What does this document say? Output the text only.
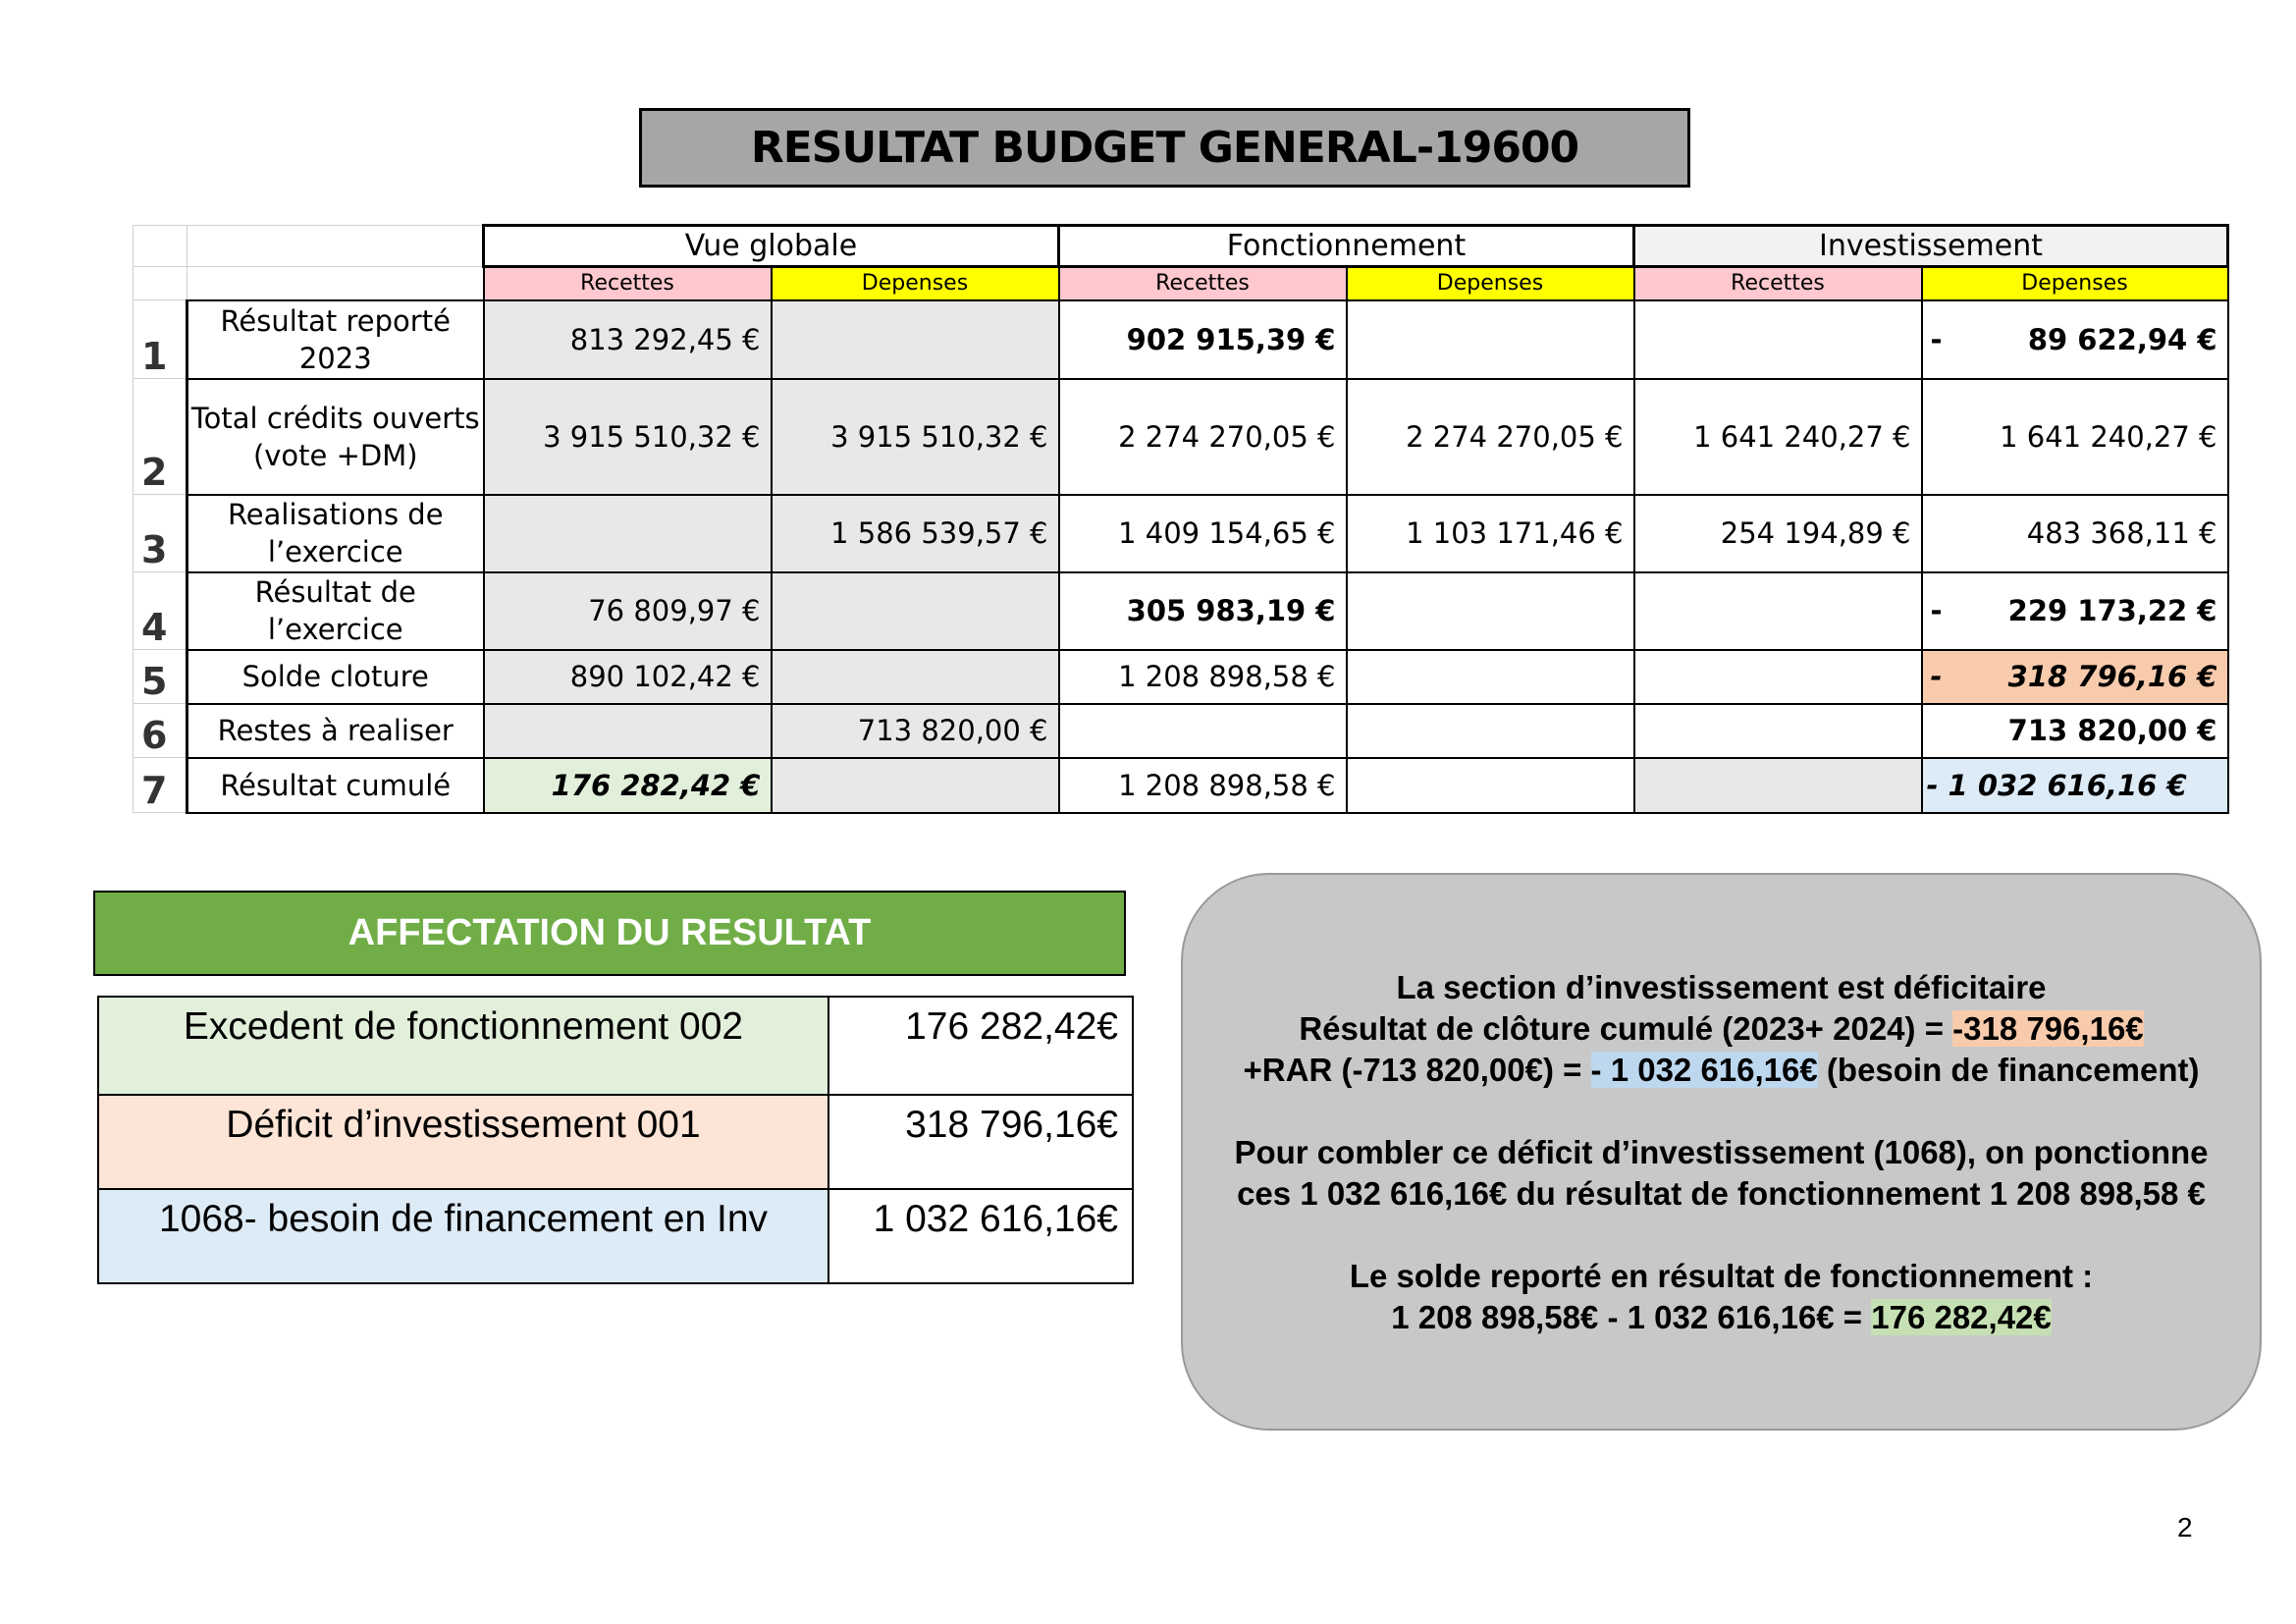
RESULTAT BUDGET GENERAL-19600
		Vue globale		Fonctionnement		Investissement	
		Recettes	Depenses	Recettes	Depenses	Recettes	Depenses
1	Résultat reporté 2023	813 292,45 €		902 915,39 €			- 89 622,94 €

2	Total crédits ouverts (vote +DM)	3 915 510,32 €	3 915 510,32 €	2 274 270,05 €	2 274 270,05 €	1 641 240,27 €	1 641 240,27 €

3	Realisations de l’exercice		1 586 539,57 €	1 409 154,65 €	1 103 171,46 €	254 194,89 €	483 368,11 €

4	Résultat de l’exercice	76 809,97 €		305 983,19 €			- 229 173,22 €

5	Solde cloture	890 102,42 €		1 208 898,58 €			- 318 796,16 €

6	Restes à realiser		713 820,00 €				713 820,00 €

7	Résultat cumulé	176 282,42 €		1 208 898,58 €			- 1 032 616,16 €
AFFECTATION DU RESULTAT
Excedent de fonctionnement 002	176 282,42€
Déficit d’investissement 001	318 796,16€
1068- besoin de financement en Inv	1 032 616,16€

La section d’investissement est déficitaire

Résultat de clôture cumulé (2023+ 2024) = -318 796,16€

+RAR (-713 820,00€) = - 1 032 616,16€ (besoin de financement)

Pour combler ce déficit d’investissement (1068), on ponctionne

ces 1 032 616,16€ du résultat de fonctionnement 1 208 898,58 €

Le solde reporté en résultat de fonctionnement :

1 208 898,58€ - 1 032 616,16€ = 176 282,42€

2
